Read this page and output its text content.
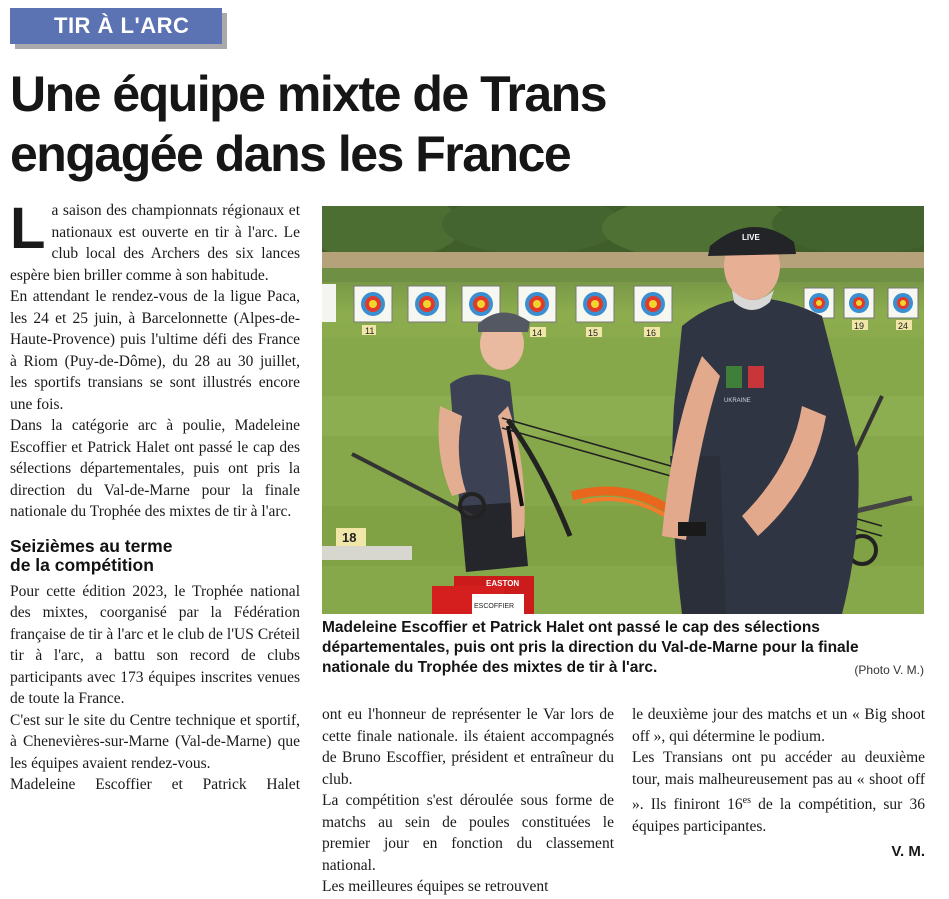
TIR À L'ARC
Une équipe mixte de Trans
engagée dans les France

La saison des championnats régionaux et nationaux est ouverte en tir à l'arc. Le club local des Archers des six lances espère bien briller comme à son habitude.

En attendant le rendez-vous de la ligue Paca, les 24 et 25 juin, à Barcelonnette (Alpes-de-Haute-Provence) puis l'ultime défi des France à Riom (Puy-de-Dôme), du 28 au 30 juillet, les sportifs transians se sont illustrés encore une fois.

Dans la catégorie arc à poulie, Madeleine Escoffier et Patrick Halet ont passé le cap des sélections départementales, puis ont pris la direction du Val-de-Marne pour la finale nationale du Trophée des mixtes de tir à l'arc.

Seizièmes au terme
de la compétition

Pour cette édition 2023, le Trophée national des mixtes, coorganisé par la Fédération française de tir à l'arc et le club de l'US Créteil tir à l'arc, a battu son record de clubs participants avec 173 équipes inscrites venues de toute la France.

C'est sur le site du Centre technique et sportif, à Chenevières-sur-Marne (Val-de-Marne) que les équipes avaient rendez-vous.

Madeleine Escoffier et Patrick Halet

11	14	15	16
19	24
18
ESCOFFIER
EASTON
LIVE
UKRAINE
Madeleine Escoffier et Patrick Halet ont passé le cap des sélections départementales, puis ont pris la direction du Val-de-Marne pour la finale nationale du Trophée des mixtes de tir à l'arc.	(Photo V. M.)

ont eu l'honneur de représenter le Var lors de cette finale nationale. ils étaient accompagnés de Bruno Escoffier, président et entraîneur du club.

La compétition s'est déroulée sous forme de matchs au sein de poules constituées le premier jour en fonction du classement national.

Les meilleures équipes se retrouvent

le deuxième jour des matchs et un « Big shoot off », qui détermine le podium.

Les Transians ont pu accéder au deuxième tour, mais malheureusement pas au « shoot off ». Ils finiront $16^{es}$ de la compétition, sur 36 équipes participantes.

V. M.
